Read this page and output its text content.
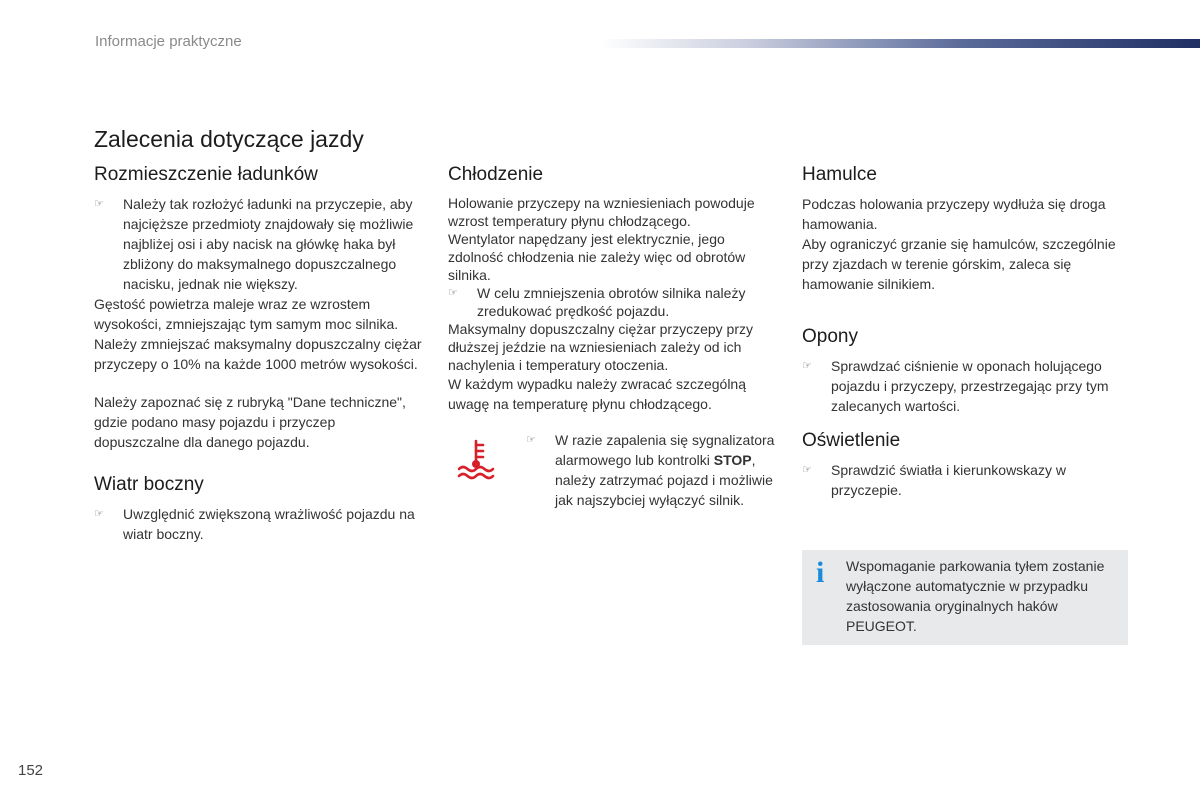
Informacje praktyczne
Zalecenia dotyczące jazdy
Rozmieszczenie ładunków
☞	Należy tak rozłożyć ładunki na przyczepie, aby najcięższe przedmioty znajdowały się możliwie najbliżej osi i aby nacisk na główkę haka był zbliżony do maksymalnego dopuszczalnego nacisku, jednak nie większy.

Gęstość powietrza maleje wraz ze wzrostem wysokości, zmniejszając tym samym moc silnika. Należy zmniejszać maksymalny dopuszczalny ciężar przyczepy o 10% na każde 1000 metrów wysokości.

Należy zapoznać się z rubryką "Dane techniczne", gdzie podano masy pojazdu i przyczep dopuszczalne dla danego pojazdu.

Wiatr boczny
☞	Uwzględnić zwiększoną wrażliwość pojazdu na wiatr boczny.
Chłodzenie

Holowanie przyczepy na wzniesieniach powoduje wzrost temperatury płynu chłodzącego.

Wentylator napędzany jest elektrycznie, jego zdolność chłodzenia nie zależy więc od obrotów silnika.

☞	W celu zmniejszenia obrotów silnika należy zredukować prędkość pojazdu.

Maksymalny dopuszczalny ciężar przyczepy przy dłuższej jeździe na wzniesieniach zależy od ich nachylenia i temperatury otoczenia.

W każdym wypadku należy zwracać szczególną uwagę na temperaturę płynu chłodzącego.

☞	W razie zapalenia się sygnalizatora alarmowego lub kontrolki STOP, należy zatrzymać pojazd i możliwie jak najszybciej wyłączyć silnik.
Hamulce

Podczas holowania przyczepy wydłuża się droga hamowania.

Aby ograniczyć grzanie się hamulców, szczególnie przy zjazdach w terenie górskim, zaleca się hamowanie silnikiem.

Opony
☞	Sprawdzać ciśnienie w oponach holującego pojazdu i przyczepy, przestrzegając przy tym zalecanych wartości.
Oświetlenie
☞	Sprawdzić światła i kierunkowskazy w przyczepie.
i Wspomaganie parkowania tyłem zostanie wyłączone automatycznie w przypadku zastosowania oryginalnych haków PEUGEOT.
152
